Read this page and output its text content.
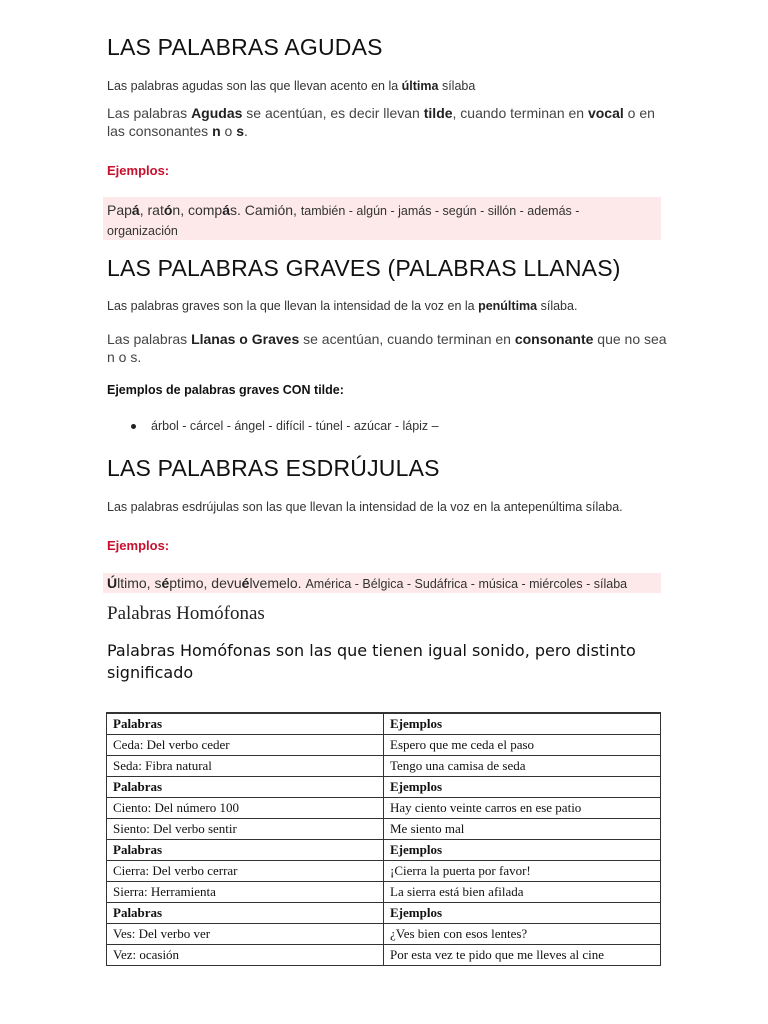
LAS PALABRAS AGUDAS

Las palabras agudas son las que llevan acento en la última sílaba

Las palabras Agudas se acentúan, es decir llevan tilde, cuando terminan en vocal o en las consonantes n o s.

Ejemplos:

Papá, ratón, compás. Camión, también - algún - jamás - según - sillón - además -

organización

LAS PALABRAS GRAVES (PALABRAS LLANAS)

Las palabras graves son la que llevan la intensidad de la voz en la penúltima sílaba.

Las palabras Llanas o Graves se acentúan, cuando terminan en consonante que no sea n o s.

Ejemplos de palabras graves CON tilde:

árbol - cárcel - ángel - difícil - túnel - azúcar - lápiz –
LAS PALABRAS ESDRÚJULAS

Las palabras esdrújulas son las que llevan la intensidad de la voz en la antepenúltima sílaba.

Ejemplos:

Último, séptimo, devuélvemelo. América - Bélgica - Sudáfrica - música - miércoles - sílaba

Palabras Homófonas
Palabras Homófonas son las que tienen igual sonido, pero distinto significado
Palabras	Ejemplos
Ceda: Del verbo ceder	Espero que me ceda el paso
Seda: Fibra natural	Tengo una camisa de seda
Palabras	Ejemplos
Ciento: Del número 100	Hay ciento veinte carros en ese patio
Siento: Del verbo sentir	Me siento mal
Palabras	Ejemplos
Cierra: Del verbo cerrar	¡Cierra la puerta por favor!
Sierra: Herramienta	La sierra está bien afilada
Palabras	Ejemplos
Ves: Del verbo ver	¿Ves bien con esos lentes?
Vez: ocasión	Por esta vez te pido que me lleves al cine
